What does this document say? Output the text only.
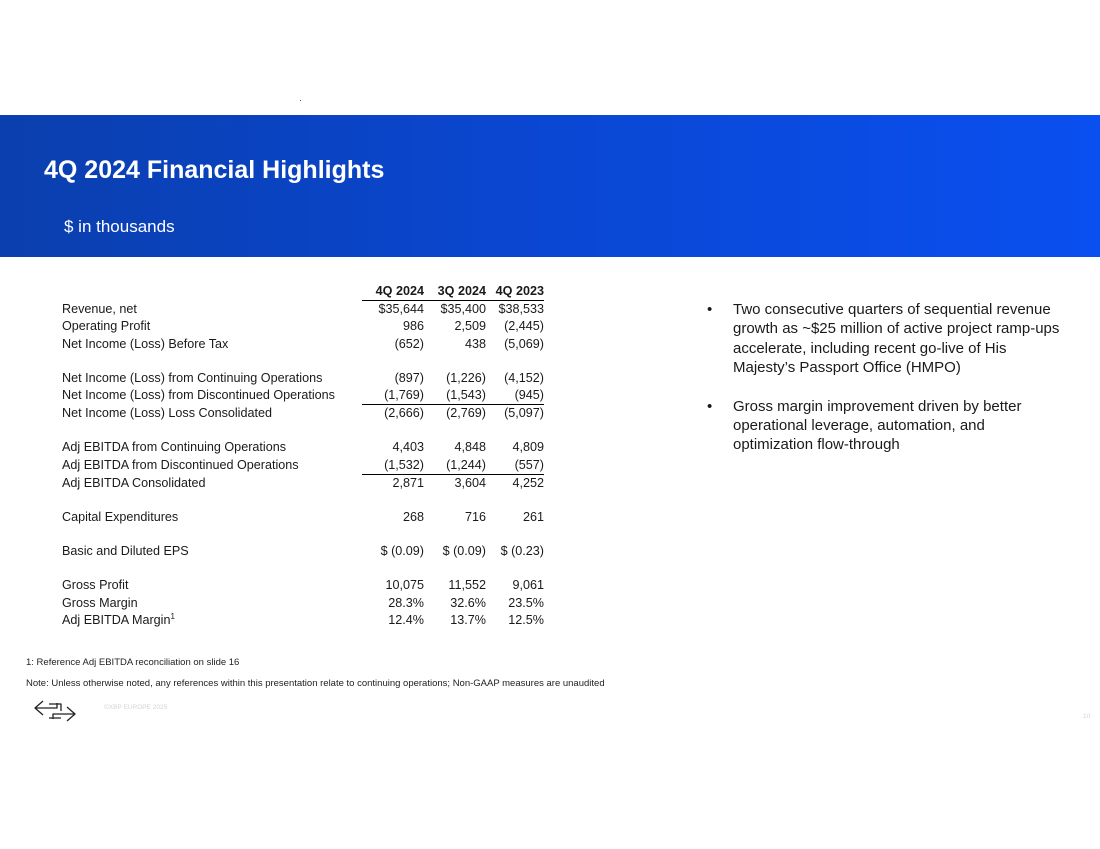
4Q 2024 Financial Highlights
$ in thousands
	4Q 2024	3Q 2024	4Q 2023
Revenue, net	$35,644	$35,400	$38,533
Operating Profit	986	2,509	(2,445)
Net Income (Loss) Before Tax	(652)	438	(5,069)

Net Income (Loss) from Continuing Operations	(897)	(1,226)	(4,152)
Net Income (Loss) from Discontinued Operations	(1,769)	(1,543)	(945)
Net Income (Loss) Loss Consolidated	(2,666)	(2,769)	(5,097)

Adj EBITDA from Continuing Operations	4,403	4,848	4,809
Adj EBITDA from Discontinued Operations	(1,532)	(1,244)	(557)
Adj EBITDA Consolidated	2,871	3,604	4,252

Capital Expenditures	268	716	261

Basic and Diluted EPS	$ (0.09)	$ (0.09)	$ (0.23)

Gross Profit	10,075	11,552	9,061
Gross Margin	28.3%	32.6%	23.5%
Adj EBITDA Margin$^1$	12.4%	13.7%	12.5%
• Two consecutive quarters of sequential revenue growth as ~$25 million of active project ramp-ups accelerate, including recent go-live of His Majesty’s Passport Office (HMPO)
• Gross margin improvement driven by better operational leverage, automation, and optimization flow-through
1: Reference Adj EBITDA reconciliation on slide 16
Note: Unless otherwise noted, any references within this presentation relate to continuing operations; Non-GAAP measures are unaudited
©XBP EUROPE 2025
10
